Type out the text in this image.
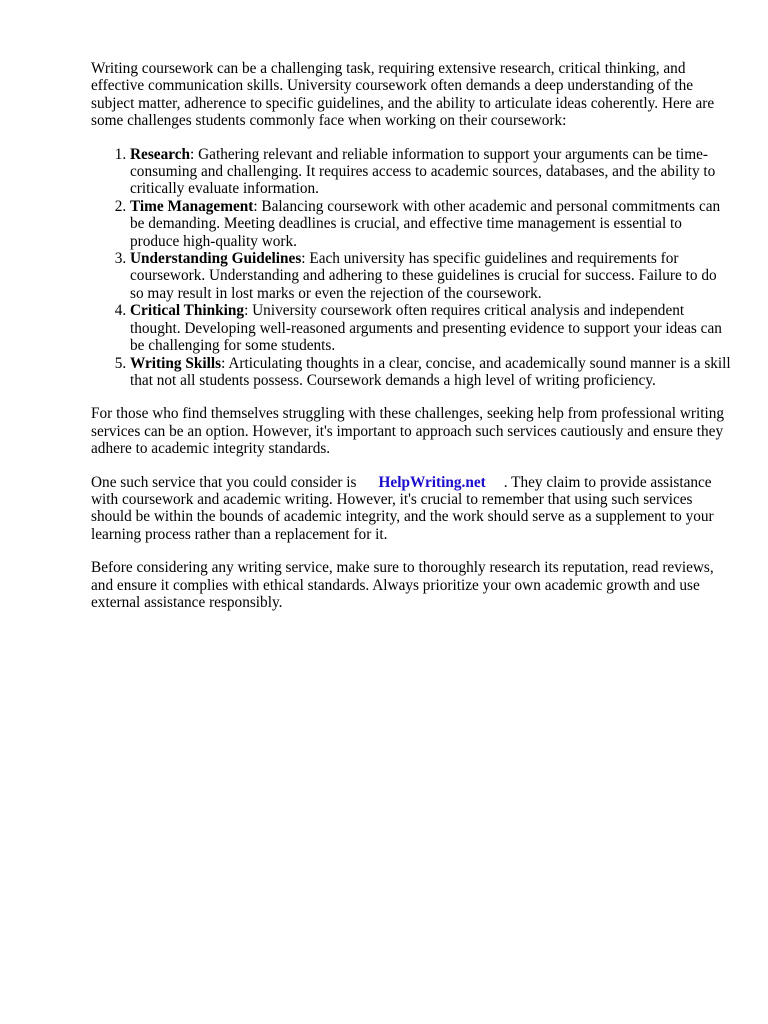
Writing coursework can be a challenging task, requiring extensive research, critical thinking, and effective communication skills. University coursework often demands a deep understanding of the subject matter, adherence to specific guidelines, and the ability to articulate ideas coherently. Here are some challenges students commonly face when working on their coursework:

1. Research: Gathering relevant and reliable information to support your arguments can be time-consuming and challenging. It requires access to academic sources, databases, and the ability to critically evaluate information.
2. Time Management: Balancing coursework with other academic and personal commitments can be demanding. Meeting deadlines is crucial, and effective time management is essential to produce high-quality work.
3. Understanding Guidelines: Each university has specific guidelines and requirements for coursework. Understanding and adhering to these guidelines is crucial for success. Failure to do so may result in lost marks or even the rejection of the coursework.
4. Critical Thinking: University coursework often requires critical analysis and independent thought. Developing well-reasoned arguments and presenting evidence to support your ideas can be challenging for some students.
5. Writing Skills: Articulating thoughts in a clear, concise, and academically sound manner is a skill that not all students possess. Coursework demands a high level of writing proficiency.

For those who find themselves struggling with these challenges, seeking help from professional writing services can be an option. However, it's important to approach such services cautiously and ensure they adhere to academic integrity standards.

One such service that you could consider is HelpWriting.net . They claim to provide assistance with coursework and academic writing. However, it's crucial to remember that using such services should be within the bounds of academic integrity, and the work should serve as a supplement to your learning process rather than a replacement for it.

Before considering any writing service, make sure to thoroughly research its reputation, read reviews, and ensure it complies with ethical standards. Always prioritize your own academic growth and use external assistance responsibly.
